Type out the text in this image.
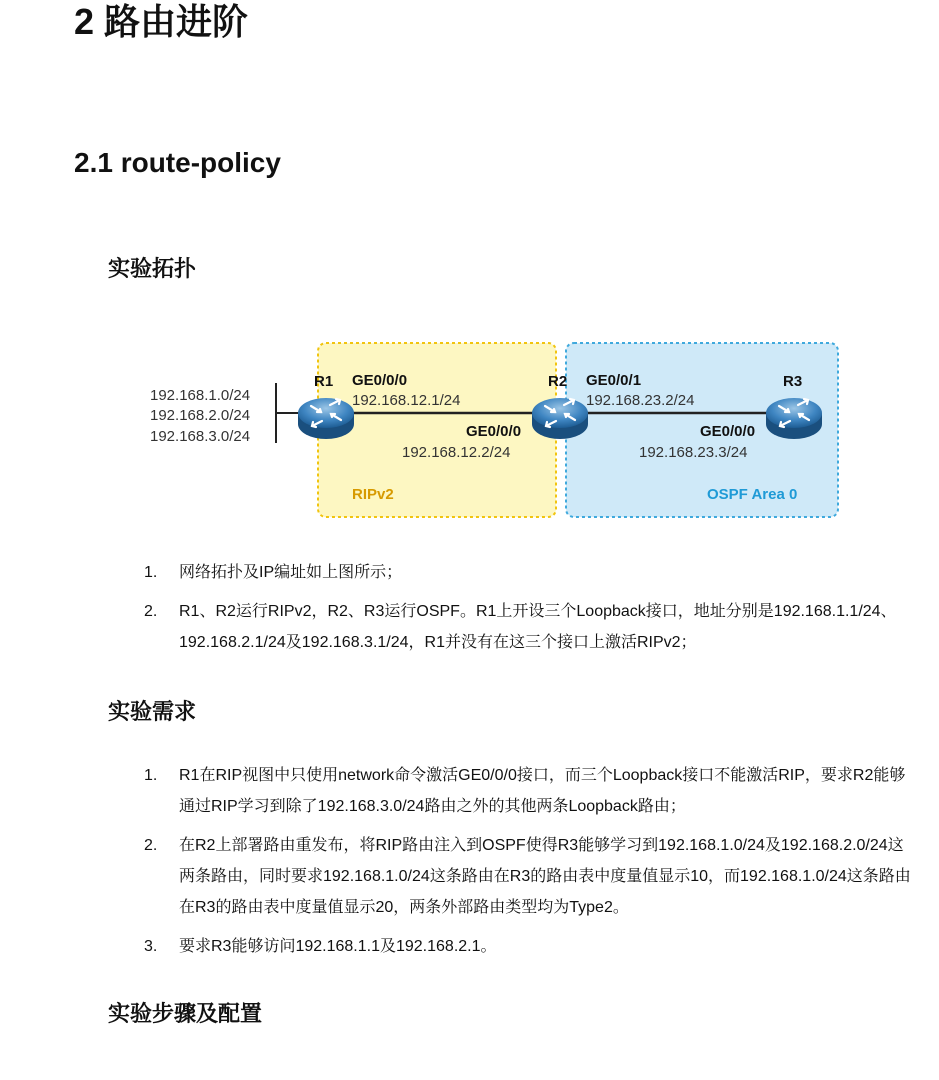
2 路由进阶
2.1 route-policy
实验拓扑
192.168.1.0/24
192.168.2.0/24
192.168.3.0/24
R1 GE0/0/0
192.168.12.1/24
R2
GE0/0/0
192.168.12.2/24
GE0/0/1
192.168.23.2/24
R3
GE0/0/0
192.168.23.3/24
RIPv2	OSPF Area 0
1. 网络拓扑及IP编址如上图所示；
2. R1、R2运行RIPv2，R2、R3运行OSPF。R1上开设三个Loopback接口，地址分别是192.168.1.1/24、192.168.2.1/24及192.168.3.1/24，R1并没有在这三个接口上激活RIPv2；
实验需求
1. R1在RIP视图中只使用network命令激活GE0/0/0接口，而三个Loopback接口不能激活RIP，要求R2能够通过RIP学习到除了192.168.3.0/24路由之外的其他两条Loopback路由；
2. 在R2上部署路由重发布，将RIP路由注入到OSPF使得R3能够学习到192.168.1.0/24及192.168.2.0/24这两条路由，同时要求192.168.1.0/24这条路由在R3的路由表中度量值显示10，而192.168.1.0/24这条路由在R3的路由表中度量值显示20，两条外部路由类型均为Type2。
3. 要求R3能够访问192.168.1.1及192.168.2.1。
实验步骤及配置
